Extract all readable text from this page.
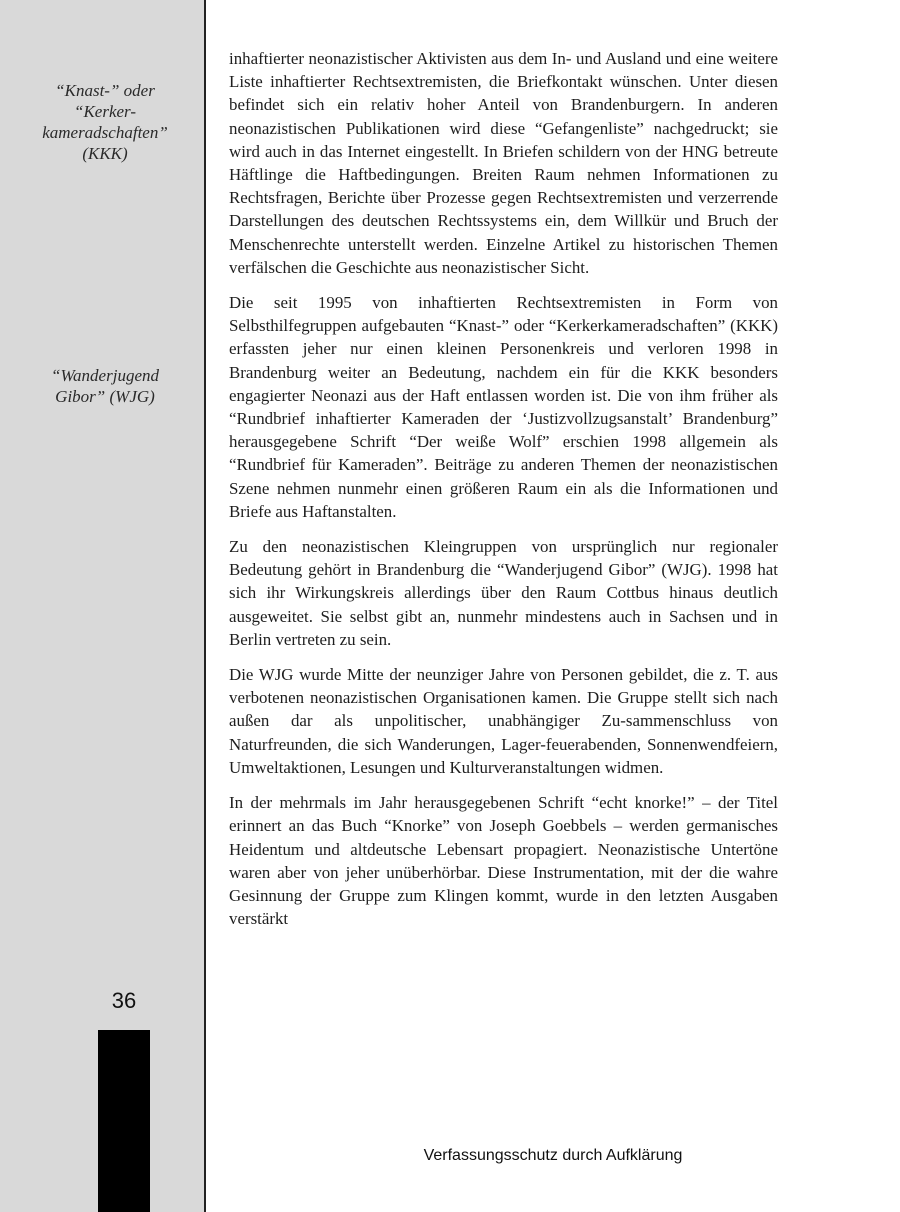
“Knast-” oder
“Kerker-
kameradschaften”
(KKK)
“Wanderjugend
Gibor” (WJG)
36

inhaftierter neonazistischer Aktivisten aus dem In- und Ausland und eine weitere Liste inhaftierter Rechtsextremisten, die Briefkontakt wünschen. Unter diesen befindet sich ein relativ hoher Anteil von Brandenburgern. In anderen neonazistischen Publikationen wird diese “Gefangenliste” nachgedruckt; sie wird auch in das Internet eingestellt. In Briefen schildern von der HNG betreute Häftlinge die Haftbedingungen. Breiten Raum nehmen Informationen zu Rechtsfragen, Berichte über Prozesse gegen Rechtsextremisten und verzerrende Darstellungen des deutschen Rechtssystems ein, dem Willkür und Bruch der Menschenrechte unterstellt werden. Einzelne Artikel zu historischen Themen verfälschen die Geschichte aus neonazistischer Sicht.

Die seit 1995 von inhaftierten Rechtsextremisten in Form von Selbsthilfegruppen aufgebauten “Knast-” oder “Kerkerkameradschaften” (KKK) erfassten jeher nur einen kleinen Personenkreis und verloren 1998 in Brandenburg weiter an Bedeutung, nachdem ein für die KKK besonders engagierter Neonazi aus der Haft entlassen worden ist. Die von ihm früher als “Rundbrief inhaftierter Kameraden der ‘Justizvollzugsanstalt’ Brandenburg” herausgegebene Schrift “Der weiße Wolf” erschien 1998 allgemein als “Rundbrief für Kameraden”. Beiträge zu anderen Themen der neonazistischen Szene nehmen nunmehr einen größeren Raum ein als die Informationen und Briefe aus Haftanstalten.

Zu den neonazistischen Kleingruppen von ursprünglich nur regionaler Bedeutung gehört in Brandenburg die “Wanderjugend Gibor” (WJG). 1998 hat sich ihr Wirkungskreis allerdings über den Raum Cottbus hinaus deutlich ausgeweitet. Sie selbst gibt an, nunmehr mindestens auch in Sachsen und in Berlin vertreten zu sein.

Die WJG wurde Mitte der neunziger Jahre von Personen gebildet, die z. T. aus verbotenen neonazistischen Organisationen kamen. Die Gruppe stellt sich nach außen dar als unpolitischer, unabhängiger Zu-sammenschluss von Naturfreunden, die sich Wanderungen, Lager-feuerabenden, Sonnenwendfeiern, Umweltaktionen, Lesungen und Kulturveranstaltungen widmen.

In der mehrmals im Jahr herausgegebenen Schrift “echt knorke!” – der Titel erinnert an das Buch “Knorke” von Joseph Goebbels – werden germanisches Heidentum und altdeutsche Lebensart propagiert. Neonazistische Untertöne waren aber von jeher unüberhörbar. Diese Instrumentation, mit der die wahre Gesinnung der Gruppe zum Klingen kommt, wurde in den letzten Ausgaben verstärkt

Verfassungsschutz durch Aufklärung
